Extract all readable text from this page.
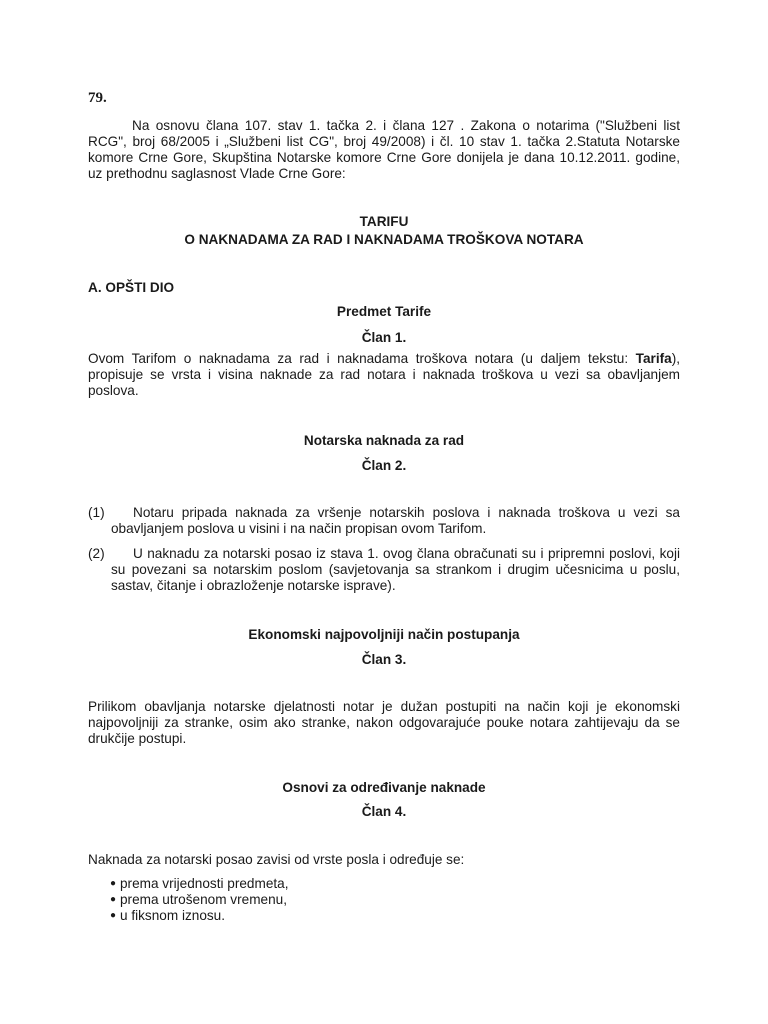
79.

Na osnovu člana 107. stav 1. tačka 2. i člana 127 . Zakona o notarima ("Službeni list RCG", broj 68/2005 i „Službeni list CG", broj 49/2008) i čl. 10 stav 1. tačka 2.Statuta Notarske komore Crne Gore, Skupština Notarske komore Crne Gore donijela je dana 10.12.2011. godine, uz prethodnu saglasnost Vlade Crne Gore:

TARIFU
O NAKNADAMA ZA RAD I NAKNADAMA TROŠKOVA NOTARA
A. OPŠTI DIO
Predmet Tarife
Član 1.

Ovom Tarifom o naknadama za rad i naknadama troškova notara (u daljem tekstu: Tarifa), propisuje se vrsta i visina naknade za rad notara i naknada troškova u vezi sa obavljanjem poslova.

Notarska naknada za rad
Član 2.
(1)	Notaru pripada naknada za vršenje notarskih poslova i naknada troškova u vezi sa obavljanjem poslova u visini i na način propisan ovom Tarifom.
(2)	U naknadu za notarski posao iz stava 1. ovog člana obračunati su i pripremni poslovi, koji su povezani sa notarskim poslom (savjetovanja sa strankom i drugim učesnicima u poslu, sastav, čitanje i obrazloženje notarske isprave).
Ekonomski najpovoljniji način postupanja
Član 3.

Prilikom obavljanja notarske djelatnosti notar je dužan postupiti na način koji je ekonomski najpovoljniji za stranke, osim ako stranke, nakon odgovarajuće pouke notara zahtijevaju da se drukčije postupi.

Osnovi za određivanje naknade
Član 4.

Naknada za notarski posao zavisi od vrste posla i određuje se:

● prema vrijednosti predmeta,
● prema utrošenom vremenu,
● u fiksnom iznosu.
